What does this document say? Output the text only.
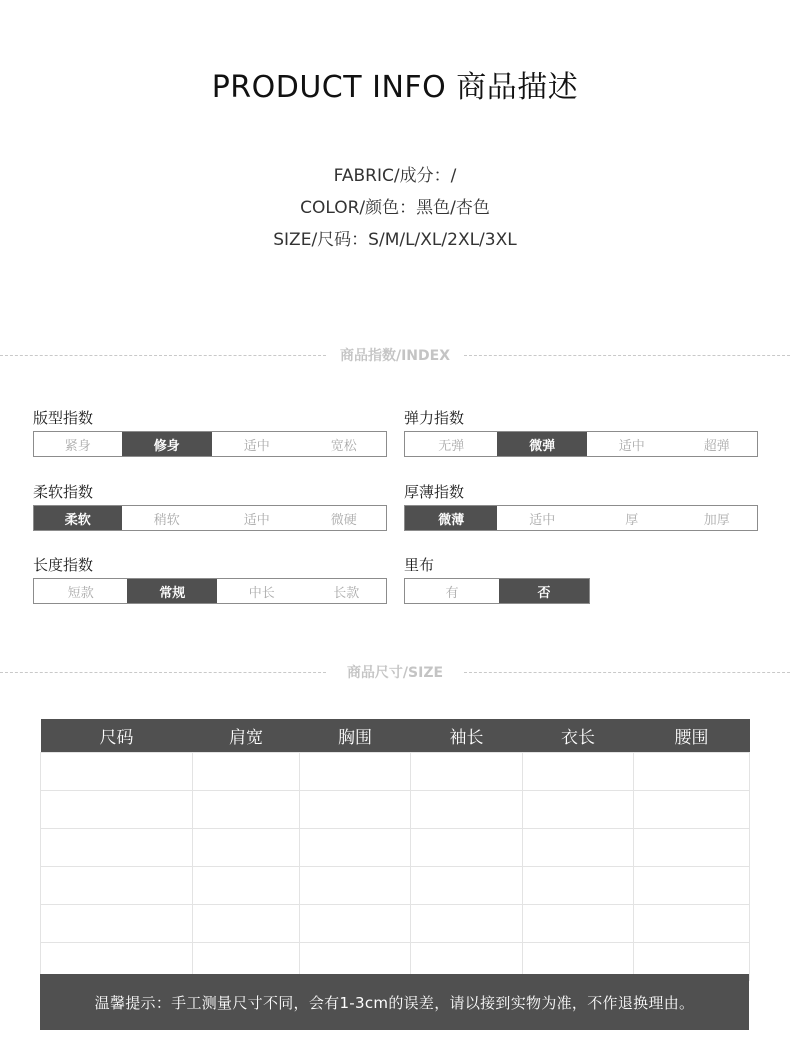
PRODUCT INFO 商品描述
FABRIC/成分：/
COLOR/颜色：黑色/杏色
SIZE/尺码：S/M/L/XL/2XL/3XL
商品指数/INDEX
版型指数
紧身	修身	适中	宽松
弹力指数
无弹	微弹	适中	超弹
柔软指数
柔软	稍软	适中	微硬
厚薄指数
微薄	适中	厚	加厚
长度指数
短款	常规	中长	长款
里布
有	否
商品尺寸/SIZE
尺码	肩宽	胸围	袖长	衣长	腰围

温馨提示：手工测量尺寸不同，会有1-3cm的误差，请以接到实物为准，不作退换理由。
